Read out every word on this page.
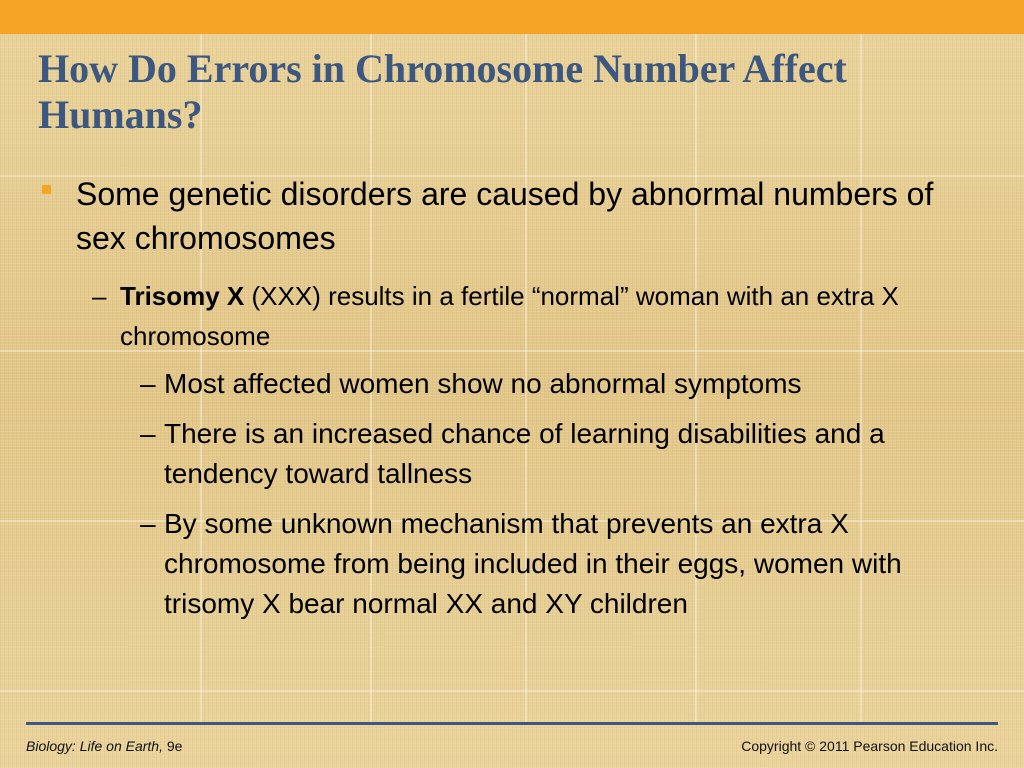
How Do Errors in Chromosome Number Affect Humans?
Some genetic disorders are caused by abnormal numbers of sex chromosomes
– Trisomy X (XXX) results in a fertile “normal” woman with an extra X chromosome
– Most affected women show no abnormal symptoms
– There is an increased chance of learning disabilities and a tendency toward tallness
– By some unknown mechanism that prevents an extra X chromosome from being included in their eggs, women with trisomy X bear normal XX and XY children
Biology: Life on Earth, 9e	Copyright © 2011 Pearson Education Inc.
